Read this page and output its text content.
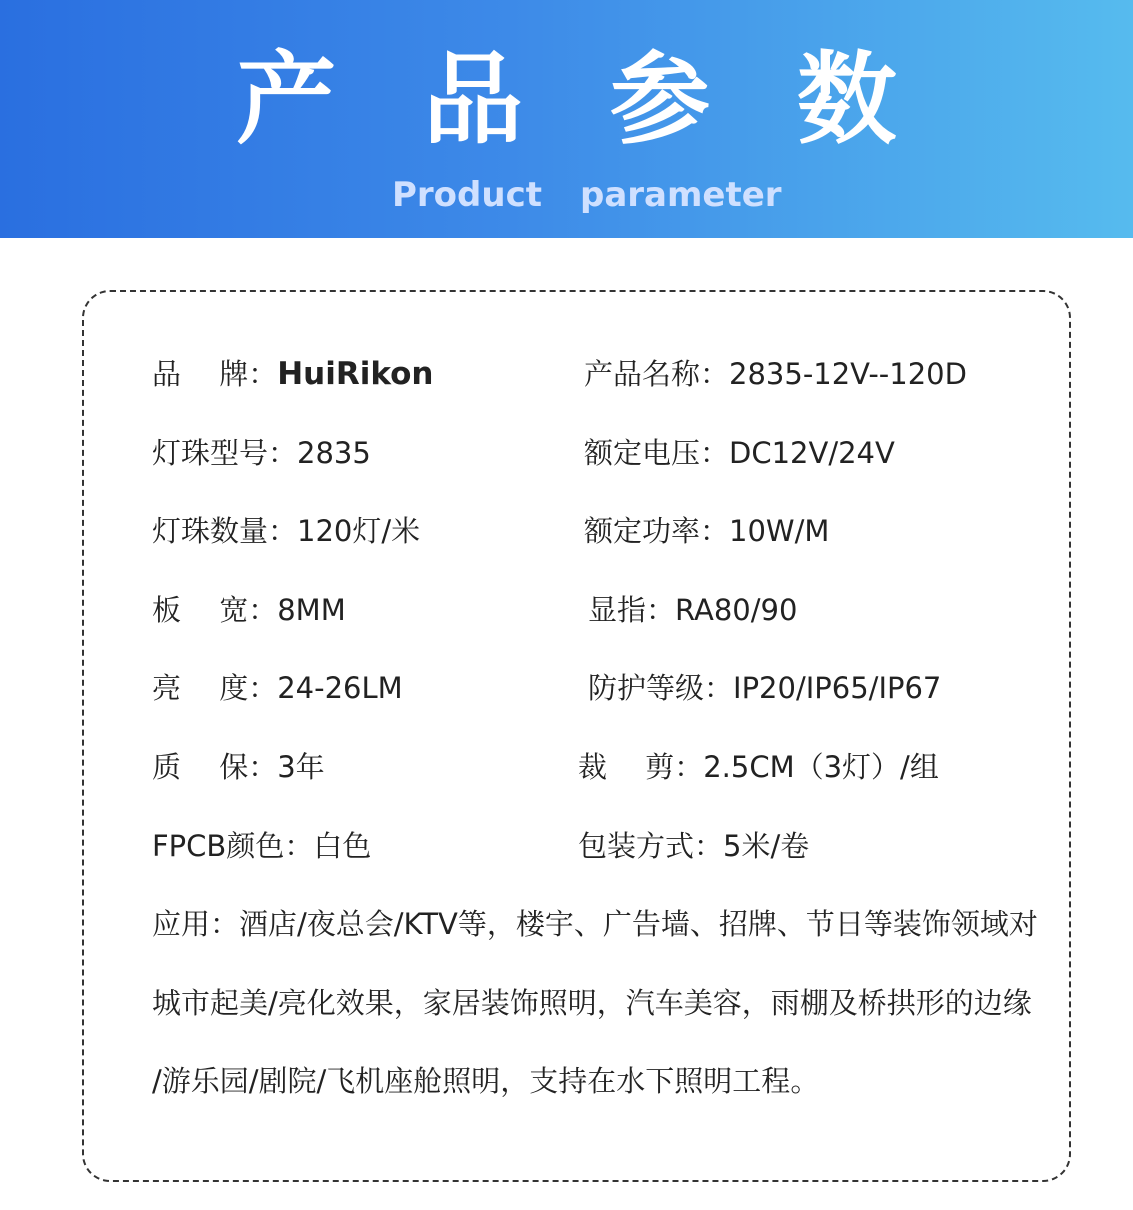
产 品 参 数
Product parameter
品　 牌：HuiRikon	产品名称：2835-12V--120D
灯珠型号：2835	额定电压：DC12V/24V
灯珠数量：120灯/米	额定功率：10W/M
板　 宽：8MM	显指：RA80/90
亮　 度：24-26LM	防护等级：IP20/IP65/IP67
质　 保：3年	裁　 剪：2.5CM（3灯）/组
FPCB颜色：白色	包装方式：5米/卷
应用：酒店/夜总会/KTV等，楼宇、广告墙、招牌、节日等装饰领域对
城市起美/亮化效果，家居装饰照明，汽车美容，雨棚及桥拱形的边缘
/游乐园/剧院/飞机座舱照明，支持在水下照明工程。
